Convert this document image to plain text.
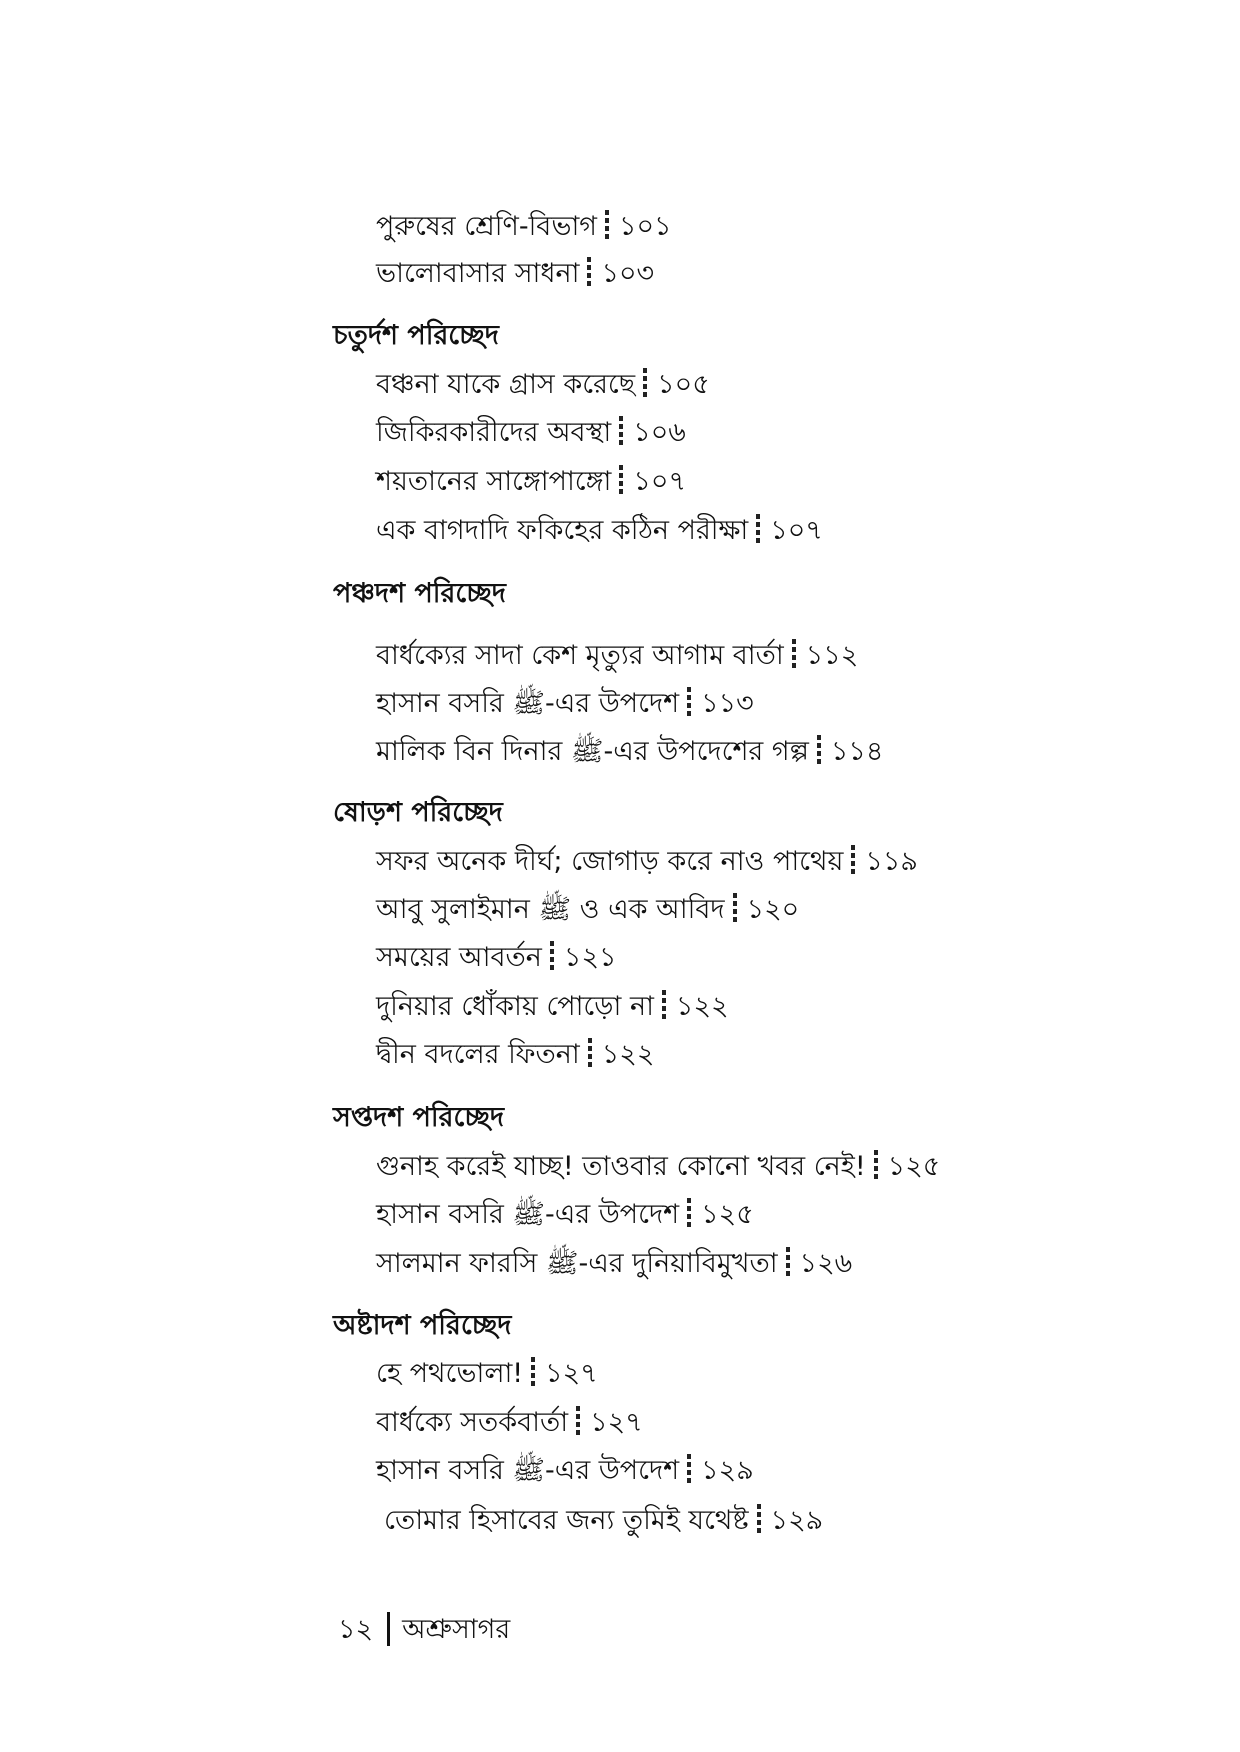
পুরুষের শ্রেণি-বিভাগ ১০১
ভালোবাসার সাধনা ১০৩
চতুর্দশ পরিচ্ছেদ
বঞ্চনা যাকে গ্রাস করেছে ১০৫
জিকিরকারীদের অবস্থা ১০৬
শয়তানের সাঙ্গোপাঙ্গো ১০৭
এক বাগদাদি ফকিহের কঠিন পরীক্ষা ১০৭
পঞ্চদশ পরিচ্ছেদ
বার্ধক্যের সাদা কেশ মৃত্যুর আগাম বার্তা ১১২
হাসান বসরি ﷺ-এর উপদেশ ১১৩
মালিক বিন দিনার ﷺ-এর উপদেশের গল্প ১১৪
ষোড়শ পরিচ্ছেদ
সফর অনেক দীর্ঘ; জোগাড় করে নাও পাথেয় ১১৯
আবু সুলাইমান ﷺ ও এক আবিদ ১২০
সময়ের আবর্তন ১২১
দুনিয়ার ধোঁকায় পোড়ো না ১২২
দ্বীন বদলের ফিতনা ১২২
সপ্তদশ পরিচ্ছেদ
গুনাহ করেই যাচ্ছ! তাওবার কোনো খবর নেই! ১২৫
হাসান বসরি ﷺ-এর উপদেশ ১২৫
সালমান ফারসি ﷺ-এর দুনিয়াবিমুখতা ১২৬
অষ্টাদশ পরিচ্ছেদ
হে পথভোলা! ১২৭
বার্ধক্যে সতর্কবার্তা ১২৭
হাসান বসরি ﷺ-এর উপদেশ ১২৯
তোমার হিসাবের জন্য তুমিই যথেষ্ট ১২৯
১২ অশ্রুসাগর
